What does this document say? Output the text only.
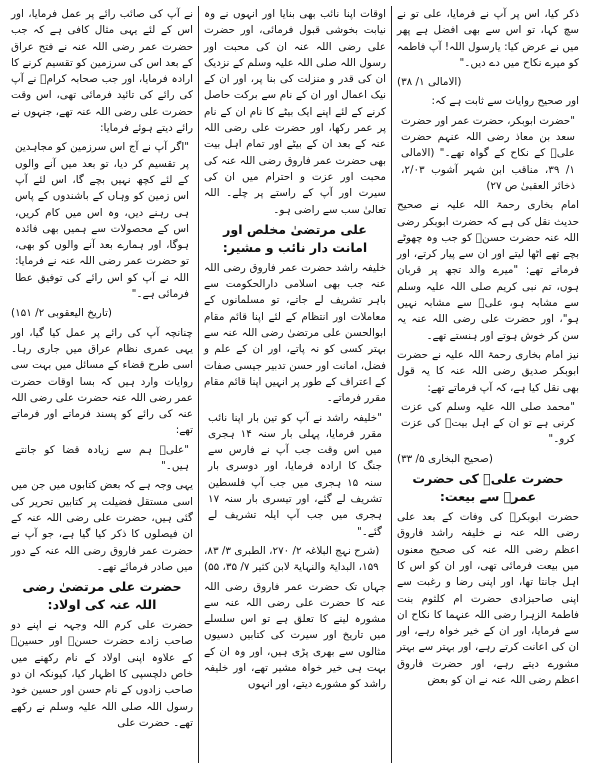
ذکر کیا، اس پر آپ نے فرمایا، علی تو نے سچ کہا، تو اس سے بھی افضل ہے پھر میں نے عرض کیا: یارسول اللہ! آپ فاطمہ کو میرے نکاح میں دے دیں۔"

(الامالی ۱/ ۳۸)

اور صحیح روایات سے ثابت ہے کہ:

"حضرت ابوبکر، حضرت عمر اور حضرت سعد بن معاذ رضی اللہ عنہم حضرت علیؓ کے نکاح کے گواہ تھے۔" (الامالی ۱/ ۳۹، مناقب ابن شہر آشوب ۲/۰۳، ذخائر العقبیٰ ص ۲۷)

امام بخاری رحمۃ اللہ علیہ نے صحیح حدیث نقل کی ہے کہ حضرت ابوبکر رضی اللہ عنہ حضرت حسنؓ کو جب وہ چھوٹے بچے تھے اٹھا لیتے اور ان سے پیار کرتے، اور فرماتے تھے: "میرے والد تجھ پر قربان ہوں، تم نبی کریم صلی اللہ علیہ وسلم سے مشابہ ہو، علیؓ سے مشابہ نہیں ہو"، اور حضرت علی رضی اللہ عنہ یہ سن کر خوش ہوتے اور ہنستے تھے۔

نیز امام بخاری رحمۃ اللہ علیہ نے حضرت ابوبکر صدیق رضی اللہ عنہ کا یہ قول بھی نقل کیا ہے، کہ آپ فرماتے تھے:

"محمد صلی اللہ علیہ وسلم کی عزت کرنی ہے تو ان کے اہل بیتؓ کی عزت کرو۔"

(صحیح البخاری ۵/ ۳۳)

حضرت علیؓ کی حضرت عمرؓ سے بیعت:

حضرت ابوبکرؓ کی وفات کے بعد علی رضی اللہ عنہ نے خلیفہ راشد فاروق اعظم رضی اللہ عنہ کی صحیح معنوں میں بیعت فرمائی تھی، اور ان کو اس کا اہل جانتا تھا، اور اپنی رضا و رغبت سے اپنی صاحبزادی حضرت ام کلثوم بنت فاطمۃ الزہرا رضی اللہ عنہما کا نکاح ان سے فرمایا، اور ان کے خیر خواہ رہے، اور ان کی اعانت کرتے رہے، اور بہتر سے بہتر مشورے دیتے رہے، اور حضرت فاروق اعظم رضی اللہ عنہ نے ان کو بعض

اوقات اپنا نائب بھی بنایا اور انہوں نے وہ نیابت بخوشی قبول فرمائی، اور حضرت علی رضی اللہ عنہ ان کی محبت اور رسول اللہ صلی اللہ علیہ وسلم کے نزدیک ان کی قدر و منزلت کی بنا پر، اور ان کے نیک اعمال اور ان کے نام سے برکت حاصل کرنے کے لئے اپنے ایک بیٹے کا نام ان کے نام پر عمر رکھا، اور حضرت علی رضی اللہ عنہ کے بعد ان کے بیٹے اور تمام اہل بیت بھی حضرت عمر فاروق رضی اللہ عنہ کی محبت اور عزت و احترام میں ان کی سیرت اور آپ کے راستے پر چلے۔ اللہ تعالیٰ سب سے راضی ہو۔

علی مرتضیٰ مخلص اور امانت دار نائب و مشیر:

خلیفہ راشد حضرت عمر فاروق رضی اللہ عنہ جب بھی اسلامی دارالحکومت سے باہر تشریف لے جاتے، تو مسلمانوں کے معاملات اور انتظام کے لئے اپنا قائم مقام ابوالحسن علی مرتضیٰ رضی اللہ عنہ سے بہتر کسی کو نہ پاتے، اور ان کے علم و فضل، امانت اور حسن تدبیر جیسی صفات کے اعتراف کے طور پر انہیں اپنا قائم مقام مقرر فرماتے۔

"خلیفہ راشد نے آپ کو تین بار اپنا نائب مقرر فرمایا، پہلی بار سنہ ۱۴ ہجری میں اس وقت جب آپ نے فارس سے جنگ کا ارادہ فرمایا، اور دوسری بار سنہ ۱۵ ہجری میں جب آپ فلسطین تشریف لے گئے، اور تیسری بار سنہ ۱۷ ہجری میں جب آپ ایلہ تشریف لے گئے۔"

(شرح نہج البلاغہ ۲/ ۲۷۰، الطبری ۳/ ۸۳، ۱۵۹، البدایۃ والنہایۃ لابن کثیر ۷/ ۳۵، ۵۵)

جہاں تک حضرت عمر فاروق رضی اللہ عنہ کا حضرت علی رضی اللہ عنہ سے مشورہ لینے کا تعلق ہے تو اس سلسلے میں تاریخ اور سیرت کی کتابیں دسیوں مثالوں سے بھری پڑی ہیں، اور وہ ان کے بہت ہی خیر خواہ مشیر تھے، اور خلیفہ راشد کو مشورے دیتے، اور انہوں

نے آپ کی صائب رائے پر عمل فرمایا، اور اس کے لئے یہی مثال کافی ہے کہ جب حضرت عمر رضی اللہ عنہ نے فتح عراق کے بعد اس کی سرزمین کو تقسیم کرنے کا ارادہ فرمایا، اور جب صحابہ کرامؓ نے آپ کی رائے کی تائید فرمائی تھی، اس وقت حضرت علی رضی اللہ عنہ تھے، جنہوں نے رائے دیتے ہوئے فرمایا:

"اگر آپ نے آج اس سرزمین کو مجاہدین پر تقسیم کر دیا، تو بعد میں آنے والوں کے لئے کچھ نہیں بچے گا، اس لئے آپ اس زمین کو وہاں کے باشندوں کے پاس ہی رہنے دیں، وہ اس میں کام کریں، اس کے محصولات سے ہمیں بھی فائدہ ہوگا، اور ہمارے بعد آنے والوں کو بھی، تو حضرت عمر رضی اللہ عنہ نے فرمایا: اللہ نے آپ کو اس رائے کی توفیق عطا فرمائی ہے۔"

(تاریخ الیعقوبی ۲/ ۱۵۱)

چنانچہ آپ کی رائے پر عمل کیا گیا، اور یہی عمری نظام عراق میں جاری رہا۔ اسی طرح قضاء کے مسائل میں بہت سی روایات وارد ہیں کہ بسا اوقات حضرت عمر رضی اللہ عنہ حضرت علی رضی اللہ عنہ کی رائے کو پسند فرماتے اور فرماتے تھے:

"علیؓ ہم سے زیادہ قضا کو جانتے ہیں۔"

یہی وجہ ہے کہ بعض کتابوں میں جن میں اسی مستقل فضیلت پر کتابیں تحریر کی گئی ہیں، حضرت علی رضی اللہ عنہ کے ان فیصلوں کا ذکر کیا گیا ہے، جو آپ نے حضرت عمر فاروق رضی اللہ عنہ کے دور میں صادر فرمائے تھے۔

حضرت علی مرتضیٰ رضی اللہ عنہ کی اولاد:

حضرت علی کرم اللہ وجہہ نے اپنے دو صاحب زادے حضرت حسنؓ اور حسینؓ کے علاوہ اپنی اولاد کے نام رکھنے میں خاص دلچسپی کا اظہار کیا، کیونکہ ان دو صاحب زادوں کے نام حسن اور حسین خود رسول اللہ صلی اللہ علیہ وسلم نے رکھے تھے۔ حضرت علی
